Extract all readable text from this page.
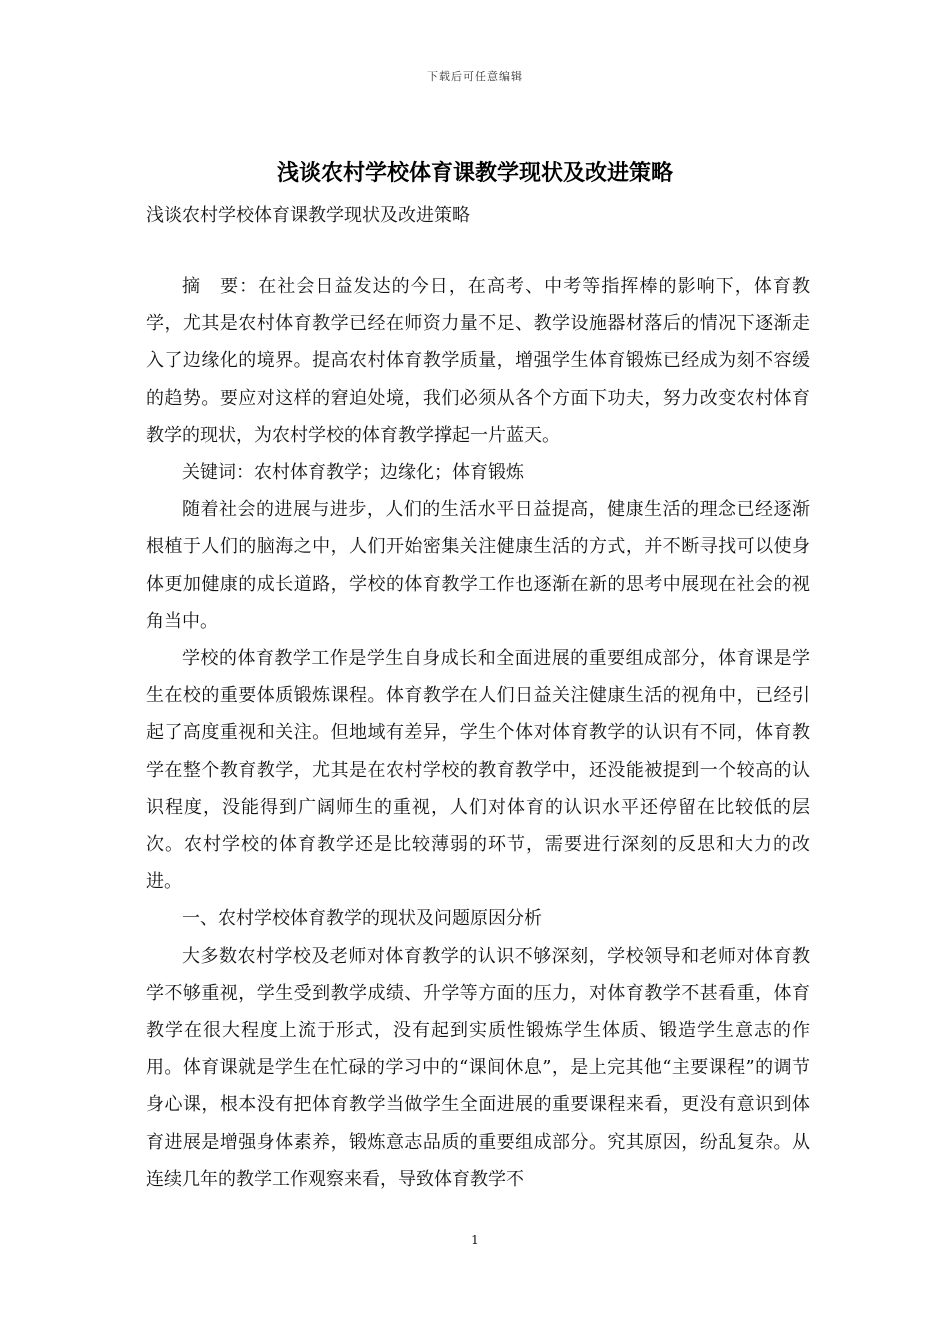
下载后可任意编辑
浅谈农村学校体育课教学现状及改进策略
浅谈农村学校体育课教学现状及改进策略

摘　要：在社会日益发达的今日，在高考、中考等指挥棒的影响下，体育教学，尤其是农村体育教学已经在师资力量不足、教学设施器材落后的情况下逐渐走入了边缘化的境界。提高农村体育教学质量，增强学生体育锻炼已经成为刻不容缓的趋势。要应对这样的窘迫处境，我们必须从各个方面下功夫，努力改变农村体育教学的现状，为农村学校的体育教学撑起一片蓝天。

关键词：农村体育教学；边缘化；体育锻炼

随着社会的进展与进步，人们的生活水平日益提高，健康生活的理念已经逐渐根植于人们的脑海之中，人们开始密集关注健康生活的方式，并不断寻找可以使身体更加健康的成长道路，学校的体育教学工作也逐渐在新的思考中展现在社会的视角当中。

学校的体育教学工作是学生自身成长和全面进展的重要组成部分，体育课是学生在校的重要体质锻炼课程。体育教学在人们日益关注健康生活的视角中，已经引起了高度重视和关注。但地域有差异，学生个体对体育教学的认识有不同，体育教学在整个教育教学，尤其是在农村学校的教育教学中，还没能被提到一个较高的认识程度，没能得到广阔师生的重视，人们对体育的认识水平还停留在比较低的层次。农村学校的体育教学还是比较薄弱的环节，需要进行深刻的反思和大力的改进。

一、农村学校体育教学的现状及问题原因分析

大多数农村学校及老师对体育教学的认识不够深刻，学校领导和老师对体育教学不够重视，学生受到教学成绩、升学等方面的压力，对体育教学不甚看重，体育教学在很大程度上流于形式，没有起到实质性锻炼学生体质、锻造学生意志的作用。体育课就是学生在忙碌的学习中的“课间休息”，是上完其他“主要课程”的调节身心课，根本没有把体育教学当做学生全面进展的重要课程来看，更没有意识到体育进展是增强身体素养，锻炼意志品质的重要组成部分。究其原因，纷乱复杂。从连续几年的教学工作观察来看，导致体育教学不

1
